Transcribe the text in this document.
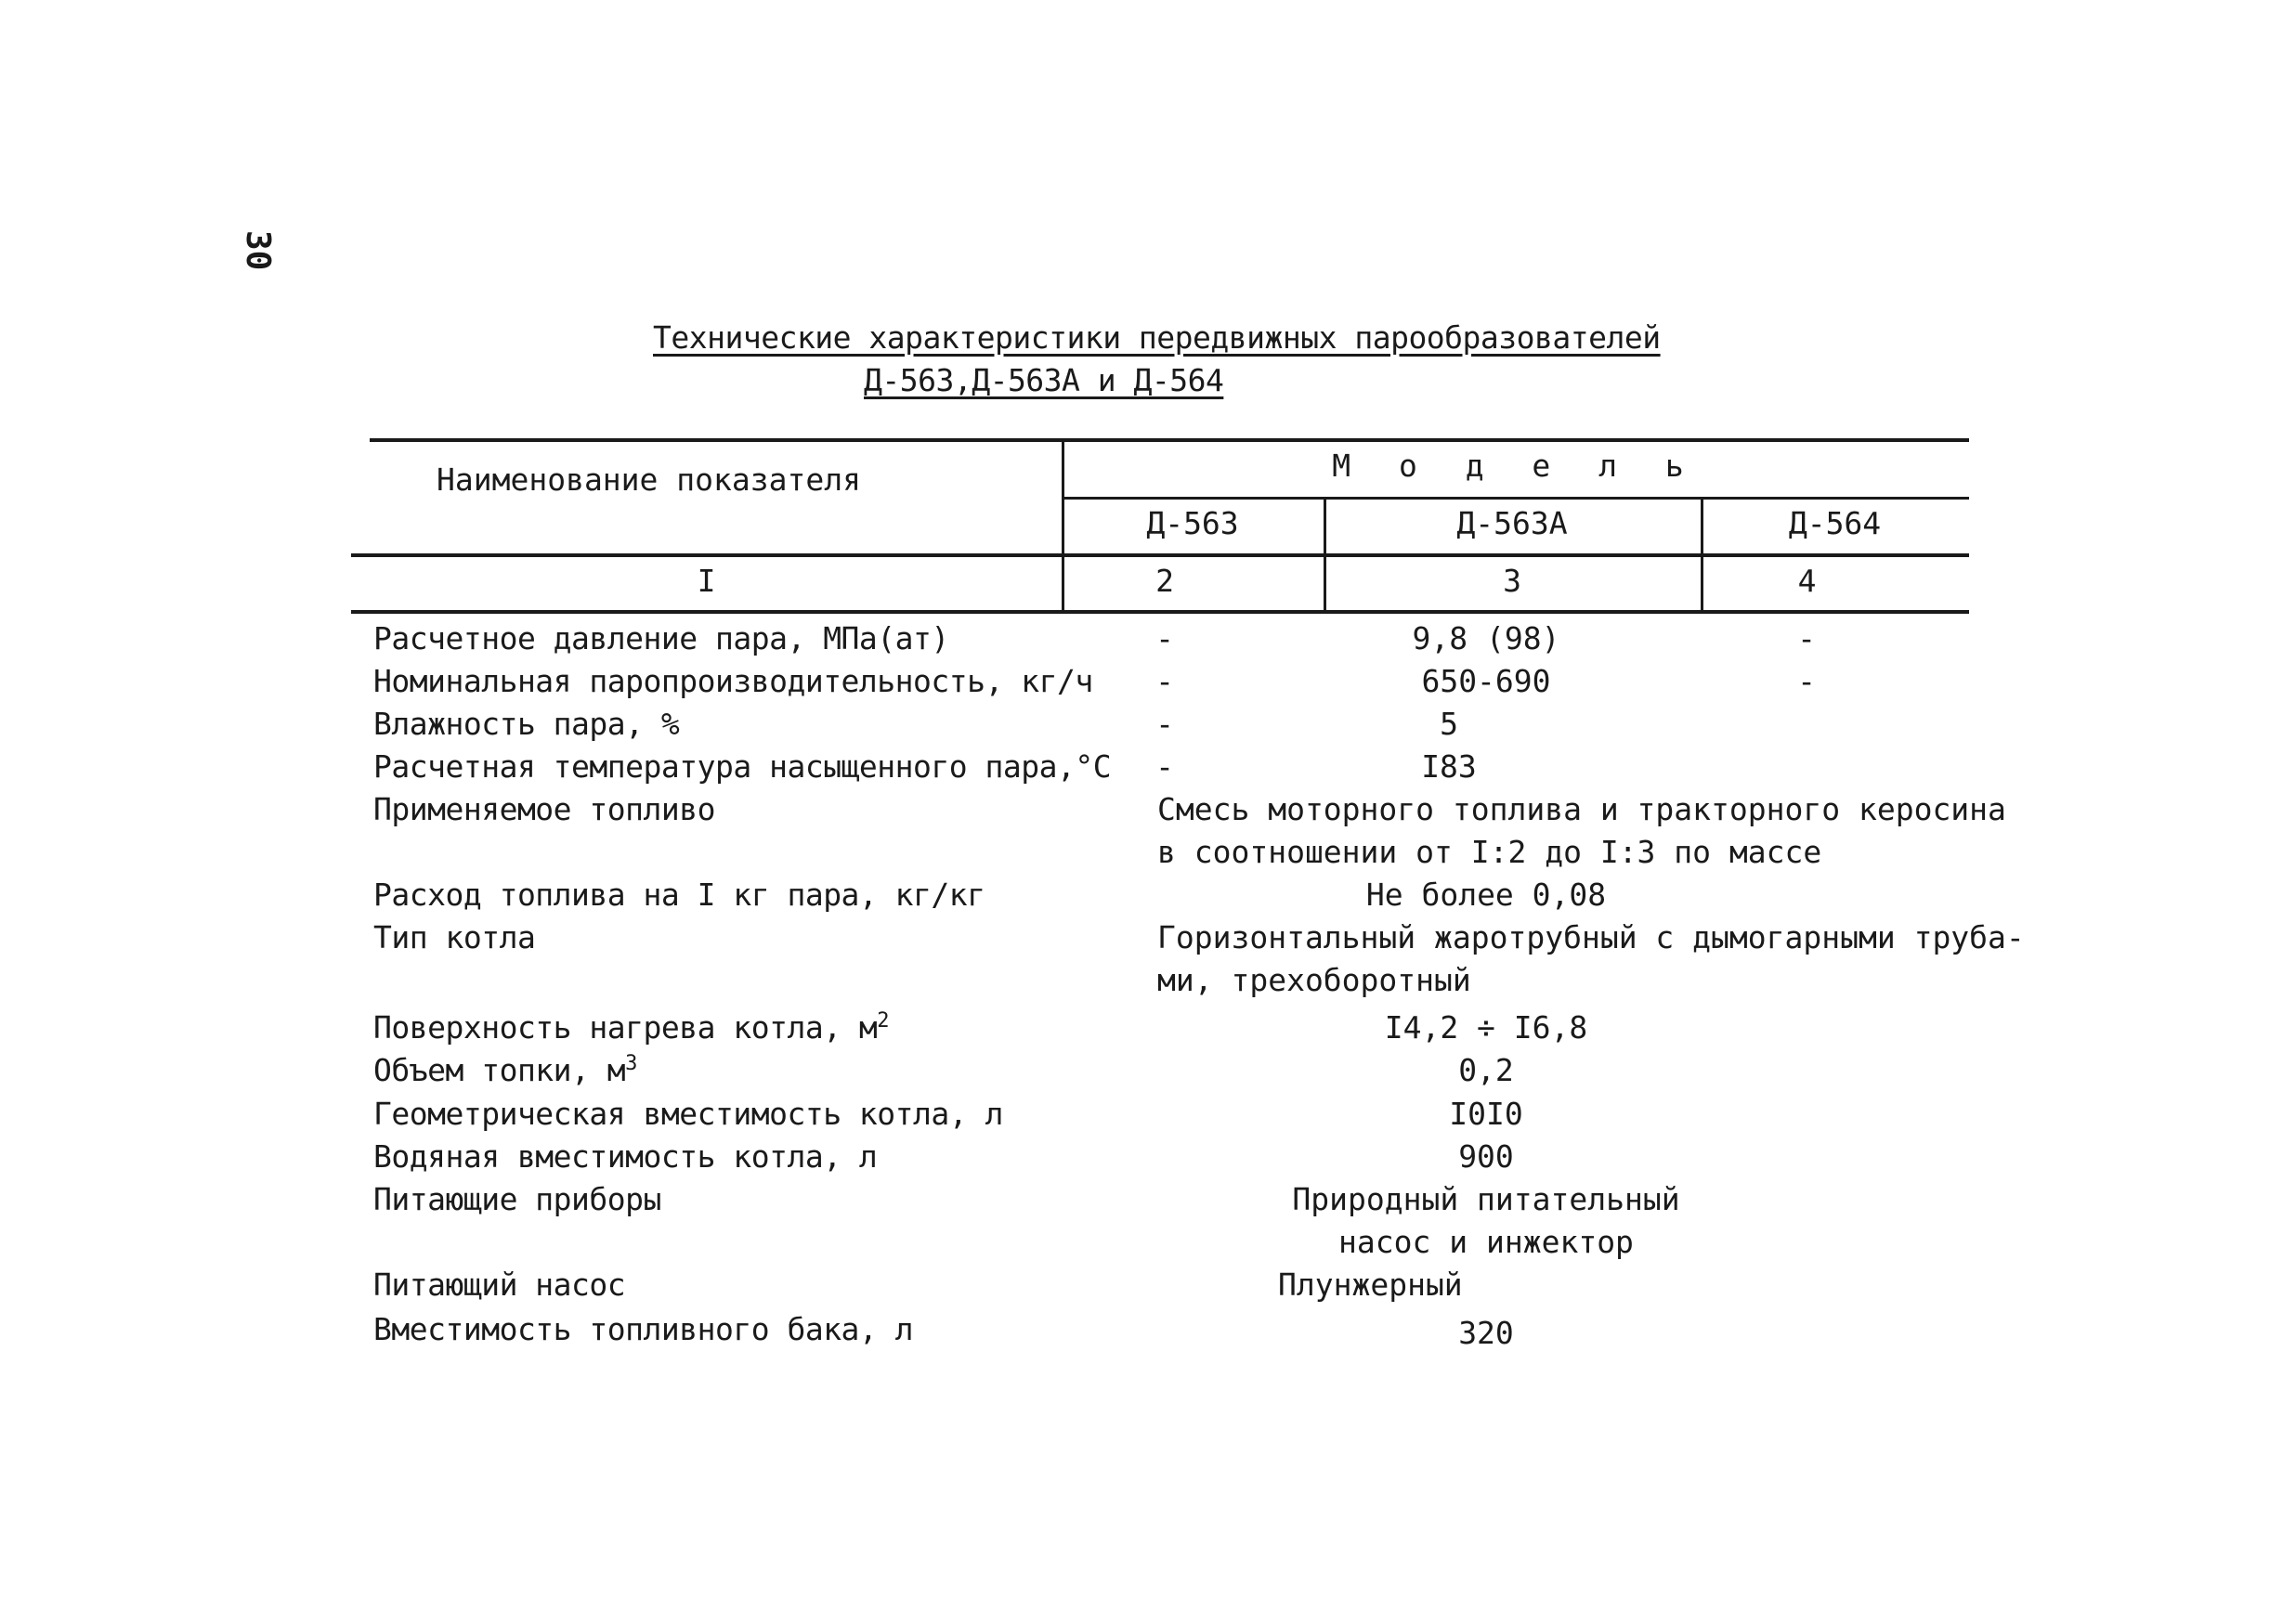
30
Технические характеристики передвижных парообразователей
Д-563,Д-563А и Д-564
Наименование показателя	М о д е л ь
Д-563	Д-563А	Д-564
I	2	3	4
Расчетное давление пара, МПа(ат)	-	9,8 (98)	-
Номинальная паропроизводительность, кг/ч	-	650-690	-
Влажность пара, %	-	5
Расчетная температура насыщенного пара,°C	-	I83
Применяемое топливо	Смесь моторного топлива и тракторного керосина
в соотношении от I:2 до I:3 по массе
Расход топлива на I кг пара, кг/кг	Не более 0,08
Тип котла	Горизонтальный жаротрубный с дымогарными труба-
ми, трехоборотный
Поверхность нагрева котла, $м^2$	I4,2 ÷ I6,8
Объем топки, $м^3$	0,2
Геометрическая вместимость котла, л	I0I0
Водяная вместимость котла, л	900
Питающие приборы	Природный питательный
насос и инжектор
Питающий насос	Плунжерный
Вместимость топливного бака, л	320
